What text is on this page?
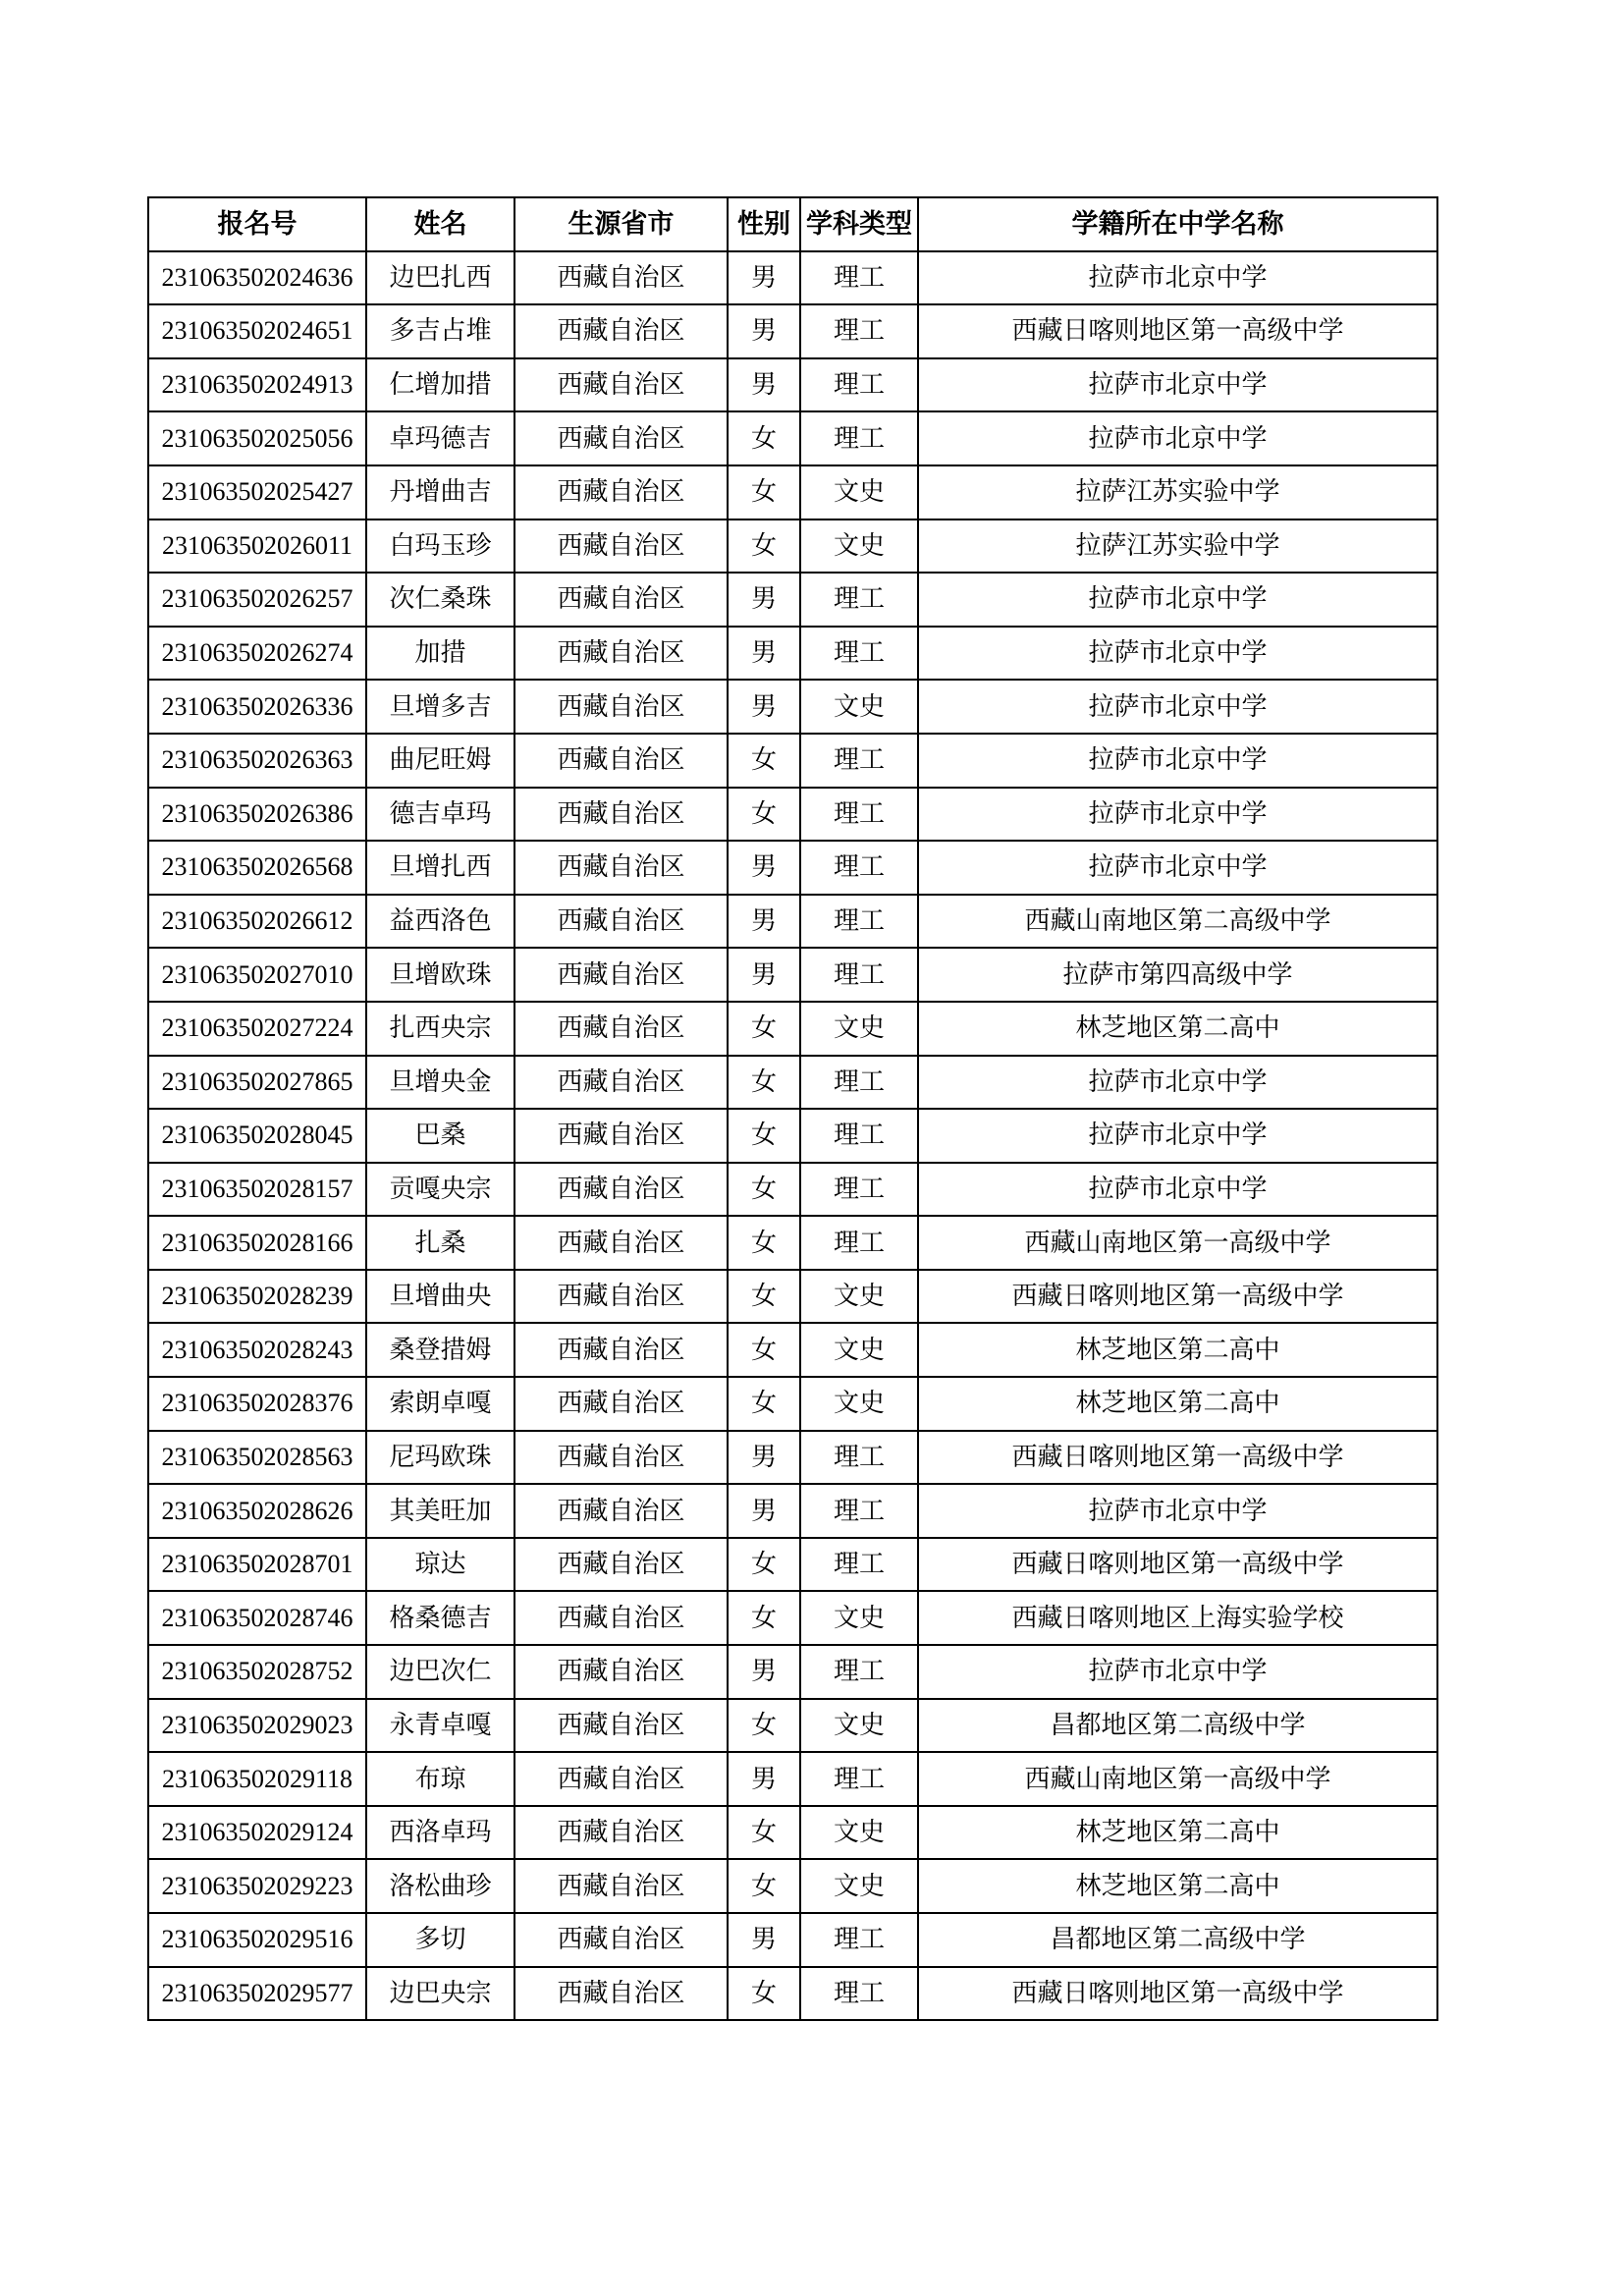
报名号	姓名	生源省市	性别	学科类型	学籍所在中学名称
231063502024636	边巴扎西	西藏自治区	男	理工	拉萨市北京中学
231063502024651	多吉占堆	西藏自治区	男	理工	西藏日喀则地区第一高级中学
231063502024913	仁增加措	西藏自治区	男	理工	拉萨市北京中学
231063502025056	卓玛德吉	西藏自治区	女	理工	拉萨市北京中学
231063502025427	丹增曲吉	西藏自治区	女	文史	拉萨江苏实验中学
231063502026011	白玛玉珍	西藏自治区	女	文史	拉萨江苏实验中学
231063502026257	次仁桑珠	西藏自治区	男	理工	拉萨市北京中学
231063502026274	加措	西藏自治区	男	理工	拉萨市北京中学
231063502026336	旦增多吉	西藏自治区	男	文史	拉萨市北京中学
231063502026363	曲尼旺姆	西藏自治区	女	理工	拉萨市北京中学
231063502026386	德吉卓玛	西藏自治区	女	理工	拉萨市北京中学
231063502026568	旦增扎西	西藏自治区	男	理工	拉萨市北京中学
231063502026612	益西洛色	西藏自治区	男	理工	西藏山南地区第二高级中学
231063502027010	旦增欧珠	西藏自治区	男	理工	拉萨市第四高级中学
231063502027224	扎西央宗	西藏自治区	女	文史	林芝地区第二高中
231063502027865	旦增央金	西藏自治区	女	理工	拉萨市北京中学
231063502028045	巴桑	西藏自治区	女	理工	拉萨市北京中学
231063502028157	贡嘎央宗	西藏自治区	女	理工	拉萨市北京中学
231063502028166	扎桑	西藏自治区	女	理工	西藏山南地区第一高级中学
231063502028239	旦增曲央	西藏自治区	女	文史	西藏日喀则地区第一高级中学
231063502028243	桑登措姆	西藏自治区	女	文史	林芝地区第二高中
231063502028376	索朗卓嘎	西藏自治区	女	文史	林芝地区第二高中
231063502028563	尼玛欧珠	西藏自治区	男	理工	西藏日喀则地区第一高级中学
231063502028626	其美旺加	西藏自治区	男	理工	拉萨市北京中学
231063502028701	琼达	西藏自治区	女	理工	西藏日喀则地区第一高级中学
231063502028746	格桑德吉	西藏自治区	女	文史	西藏日喀则地区上海实验学校
231063502028752	边巴次仁	西藏自治区	男	理工	拉萨市北京中学
231063502029023	永青卓嘎	西藏自治区	女	文史	昌都地区第二高级中学
231063502029118	布琼	西藏自治区	男	理工	西藏山南地区第一高级中学
231063502029124	西洛卓玛	西藏自治区	女	文史	林芝地区第二高中
231063502029223	洛松曲珍	西藏自治区	女	文史	林芝地区第二高中
231063502029516	多切	西藏自治区	男	理工	昌都地区第二高级中学
231063502029577	边巴央宗	西藏自治区	女	理工	西藏日喀则地区第一高级中学
